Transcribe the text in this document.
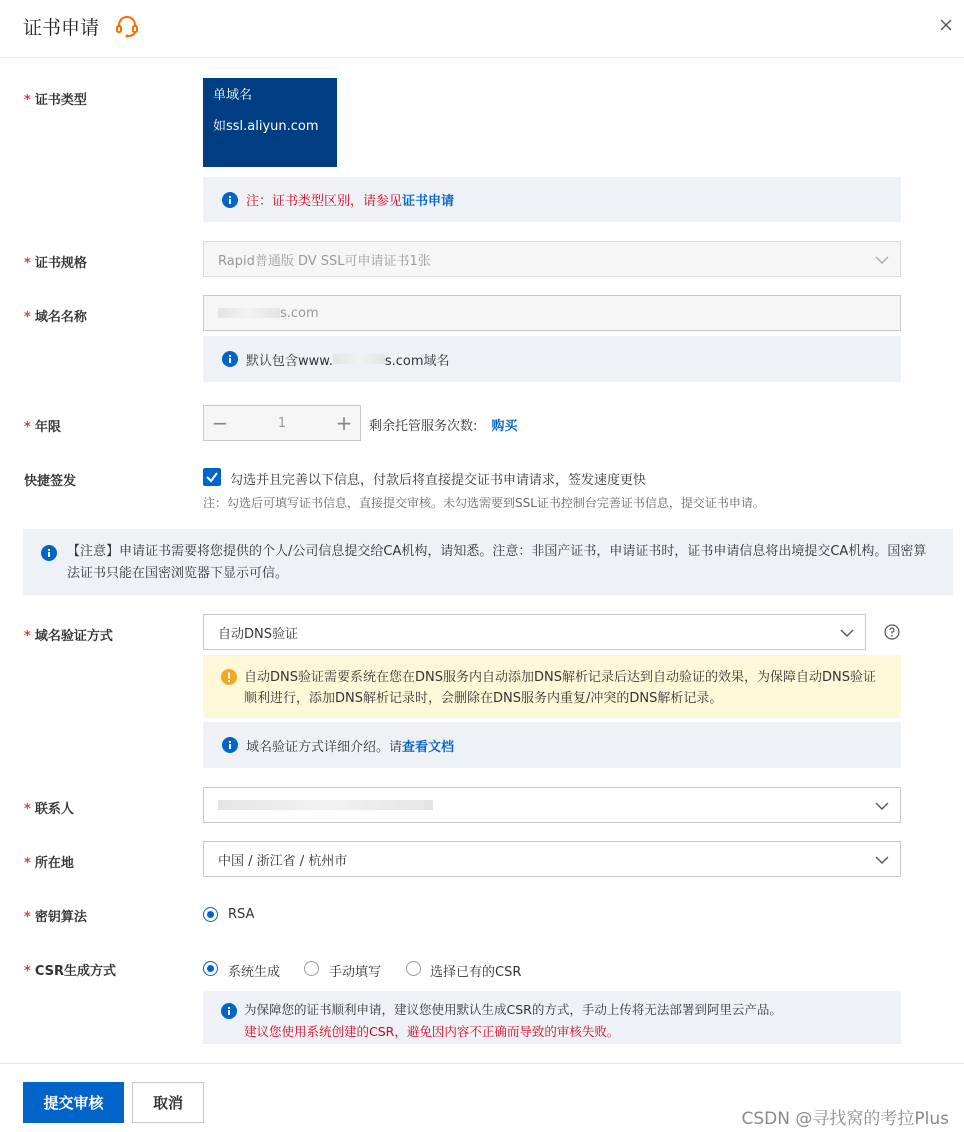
证书申请
* 证书类型	单域名
如ssl.aliyun.com
注：证书类型区别，请参见 证书申请
* 证书规格	Rapid普通版 DV SSL可申请证书1张
* 域名名称	s.com
默认包含www.	s.com域名
* 年限	−	1	+	剩余托管服务次数: 购买
快捷签发	勾选并且完善以下信息，付款后将直接提交证书申请请求，签发速度更快
注：勾选后可填写证书信息，直接提交审核。未勾选需要到SSL证书控制台完善证书信息，提交证书申请。
【注意】申请证书需要将您提供的个人/公司信息提交给CA机构，请知悉。注意：非国产证书，申请证书时，证书申请信息将出境提交CA机构。国密算法证书只能在国密浏览器下显示可信。
* 域名验证方式	自动DNS验证
自动DNS验证需要系统在您在DNS服务内自动添加DNS解析记录后达到自动验证的效果，为保障自动DNS验证顺利进行，添加DNS解析记录时，会删除在DNS服务内重复/冲突的DNS解析记录。
域名验证方式详细介绍。请 查看文档
* 联系人
* 所在地	中国 / 浙江省 / 杭州市
* 密钥算法	RSA
* CSR生成方式	系统生成	手动填写	选择已有的CSR
为保障您的证书顺利申请，建议您使用默认生成CSR的方式，手动上传将无法部署到阿里云产品。
建议您使用系统创建的CSR，避免因内容不正确而导致的审核失败。
提交审核	取消
CSDN @寻找窝的考拉Plus
